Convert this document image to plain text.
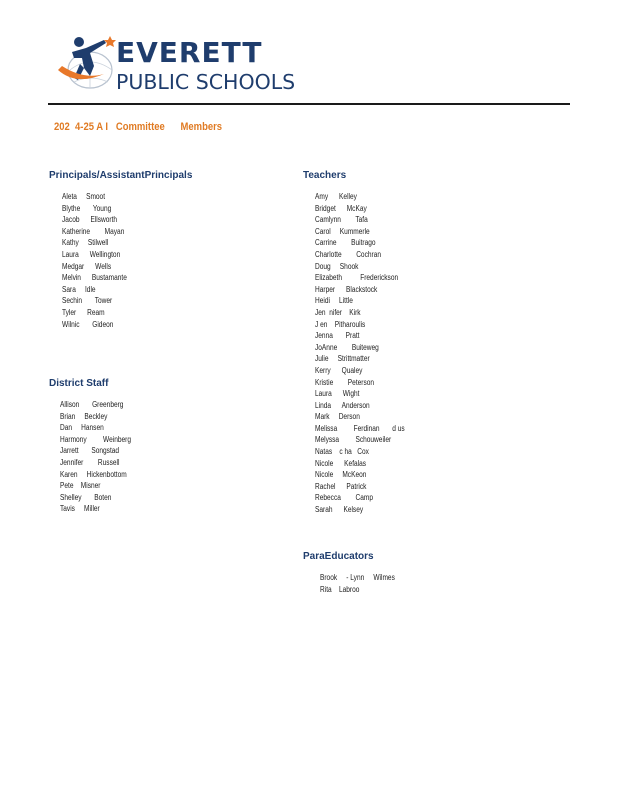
EVERETT
PUBLIC SCHOOLS
202  4-25 A I   Committee      Members
Principals/AssistantPrincipals
Aleta     Smoot
Blythe       Young
Jacob      Ellsworth
Katherine        Mayan
Kathy     Stilwell
Laura      Wellington
Medgar      Wells
Melvin      Bustamante
Sara     Idle
Sechin       Tower
Tyler      Ream
Wilnic       Gideon
District Staff
Allison       Greenberg
Brian     Beckley
Dan     Hansen
Harmony         Weinberg
Jarrett       Songstad
Jennifer        Russell
Karen     Hickenbottom
Pete    Misner
Shelley       Boten
Tavis     Miller
Teachers
Amy      Kelley
Bridget      McKay
Camlynn        Tafa
Carol     Kummerle
Carrine        Buitrago
Charlotte        Cochran
Doug     Shook
Elizabeth          Frederickson
Harper      Blackstock
Heidi     Little
Jen  nifer    Kirk
J en    Pitharoulis
Jenna       Pratt
JoAnne        Buiteweg
Julie     Strittmatter
Kerry      Qualey
Kristie        Peterson
Laura      Wight
Linda      Anderson
Mark     Derson
Melissa         Ferdinan       d us
Melyssa         Schouweiler
Natas    c ha   Cox
Nicole      Kefalas
Nicole     McKeon
Rachel      Patrick
Rebecca        Camp
Sarah      Kelsey
ParaEducators
Brook     - Lynn     Wilmes
Rita    Labroo
